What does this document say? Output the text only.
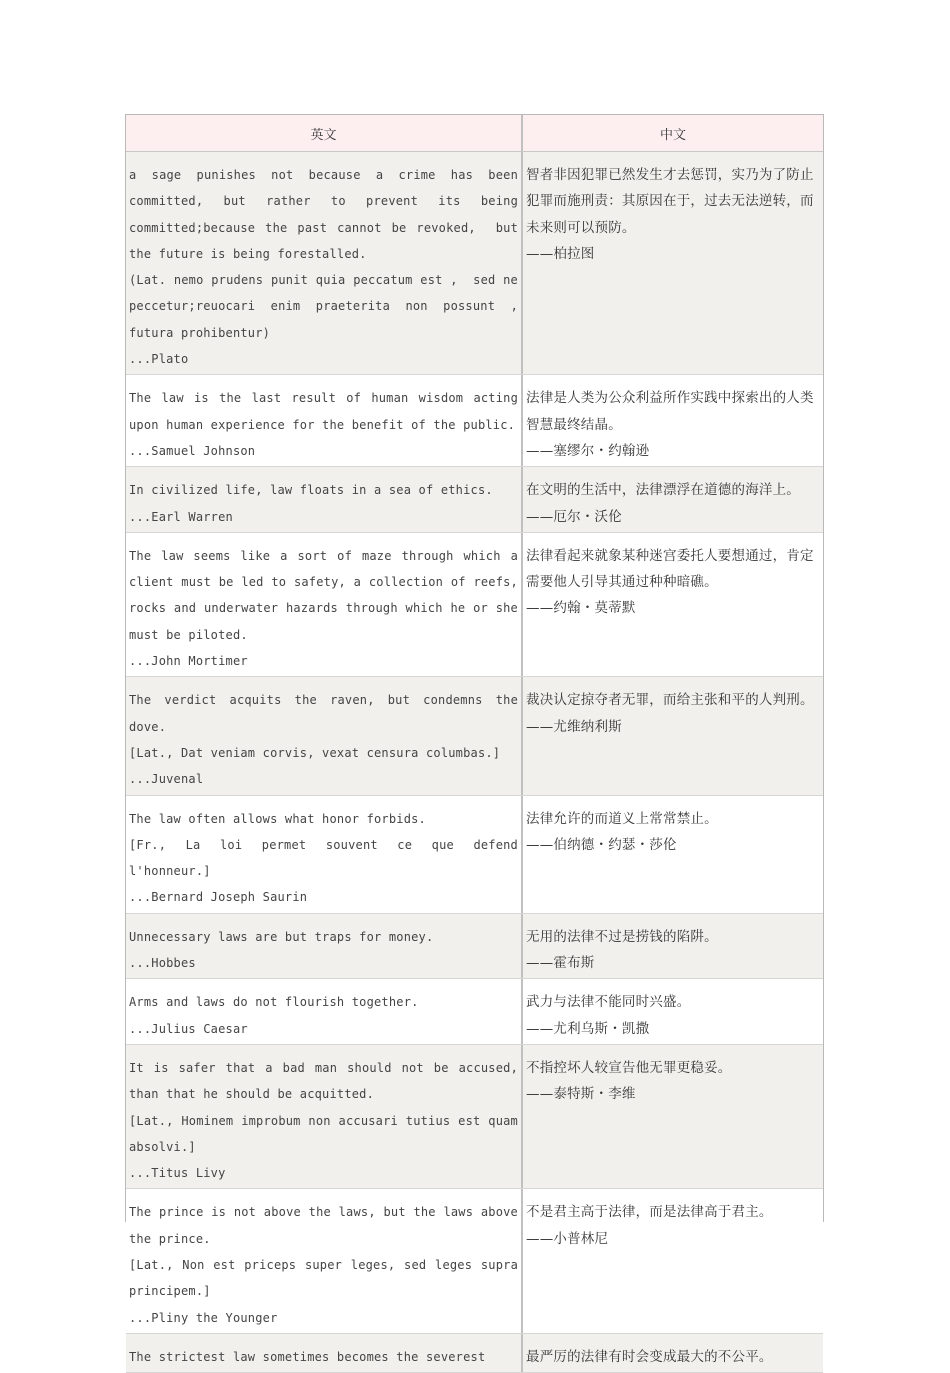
英文	中文
a sage punishes not because a crime has been committed, but rather to prevent its being committed;because the past cannot be revoked,  but the future is being forestalled.
(Lat. nemo prudens punit quia peccatum est ,  sed ne peccetur;reuocari enim praeterita non possunt ,  futura prohibentur)
...Plato
智者非因犯罪已然发生才去惩罚，实乃为了防止犯罪而施刑责：其原因在于，过去无法逆转，而未来则可以预防。
——柏拉图
The law is the last result of human wisdom acting upon human experience for the benefit of the public.
...Samuel Johnson
法律是人类为公众利益所作实践中探索出的人类智慧最终结晶。
——塞缪尔・约翰逊
In civilized life, law floats in a sea of ethics.
...Earl Warren
在文明的生活中，法律漂浮在道德的海洋上。
——厄尔・沃伦
The law seems like a sort of maze through which a client must be led to safety, a collection of reefs, rocks and underwater hazards through which he or she must be piloted.
...John Mortimer
法律看起来就象某种迷宫委托人要想通过，肯定需要他人引导其通过种种暗礁。
——约翰・莫蒂默
The verdict acquits the raven, but condemns the dove.
[Lat., Dat veniam corvis, vexat censura columbas.]
...Juvenal
裁决认定掠夺者无罪，而给主张和平的人判刑。
——尤维纳利斯
The law often allows what honor forbids.
[Fr., La loi permet souvent ce que defend l'honneur.]
...Bernard Joseph Saurin
法律允许的而道义上常常禁止。
——伯纳德・约瑟・莎伦
Unnecessary laws are but traps for money.
...Hobbes
无用的法律不过是捞钱的陷阱。
——霍布斯
Arms and laws do not flourish together.
...Julius Caesar
武力与法律不能同时兴盛。
——尤利乌斯・凯撒
It is safer that a bad man should not be accused, than that he should be acquitted.
[Lat., Hominem improbum non accusari tutius est quam absolvi.]
...Titus Livy
不指控坏人较宣告他无罪更稳妥。
——泰特斯・李维
The prince is not above the laws, but the laws above the prince.
[Lat., Non est priceps super leges, sed leges supra principem.]
...Pliny the Younger
不是君主高于法律，而是法律高于君主。
——小普林尼
The strictest law sometimes becomes the severest	最严厉的法律有时会变成最大的不公平。
